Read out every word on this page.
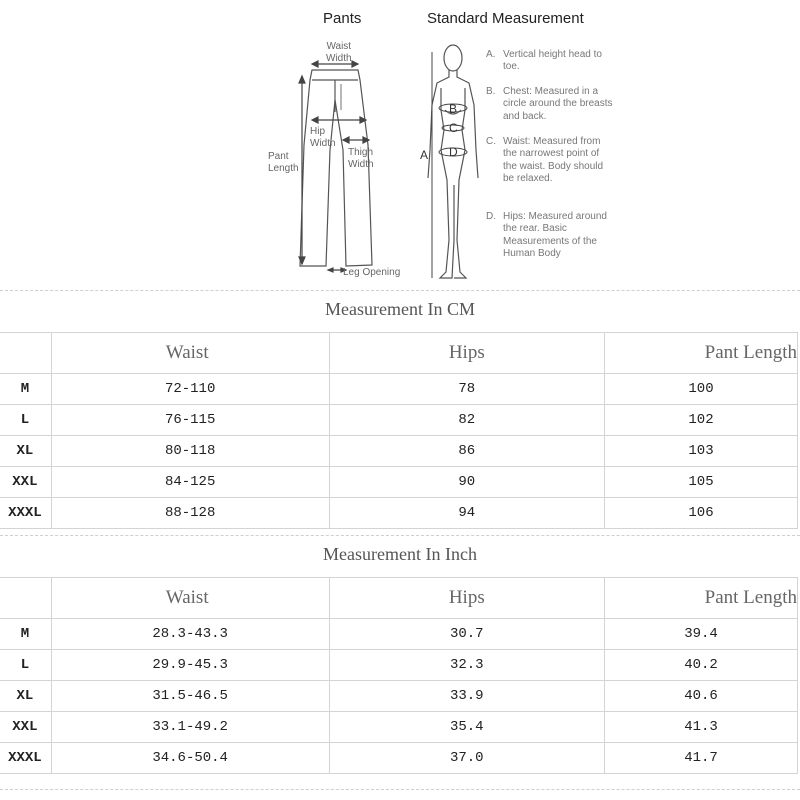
Pants	Standard Measurement
Waist
Width
Hip
Width
Thigh
Width
Pant
Length
Leg Opening
A
B
C
D
A. Vertical height head to toe.
B. Chest: Measured in a circle around the breasts and back.
C. Waist: Measured from the narrowest point of the waist. Body should be relaxed.
D. Hips: Measured around the rear. Basic Measurements of the Human Body
Measurement In CM
	Waist	Hips	Pant Length
M	72-110	78	100
L	76-115	82	102
XL	80-118	86	103
XXL	84-125	90	105
XXXL	88-128	94	106
Measurement In Inch
	Waist	Hips	Pant Length
M	28.3-43.3	30.7	39.4
L	29.9-45.3	32.3	40.2
XL	31.5-46.5	33.9	40.6
XXL	33.1-49.2	35.4	41.3
XXXL	34.6-50.4	37.0	41.7
